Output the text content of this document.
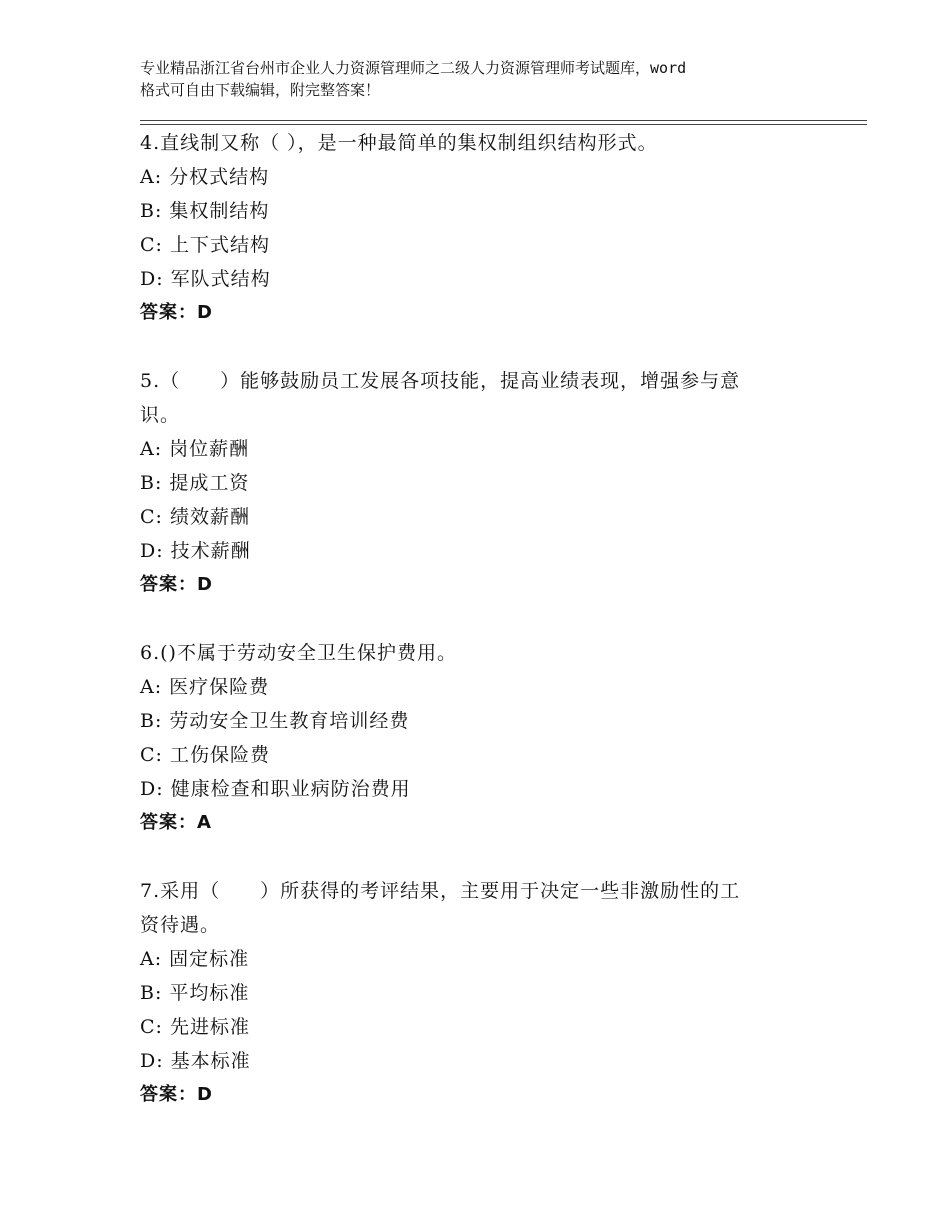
专业精品浙江省台州市企业人力资源管理师之二级人力资源管理师考试题库，word
格式可自由下载编辑，附完整答案！
4.直线制又称（ ），是一种最简单的集权制组织结构形式。
A: 分权式结构
B: 集权制结构
C: 上下式结构
D: 军队式结构
答案：D
5.（　　）能够鼓励员工发展各项技能，提高业绩表现，增强参与意
识。
A: 岗位薪酬
B: 提成工资
C: 绩效薪酬
D: 技术薪酬
答案：D
6.()不属于劳动安全卫生保护费用。
A: 医疗保险费
B: 劳动安全卫生教育培训经费
C: 工伤保险费
D: 健康检查和职业病防治费用
答案：A
7.采用（　　）所获得的考评结果，主要用于决定一些非激励性的工
资待遇。
A: 固定标准
B: 平均标准
C: 先进标准
D: 基本标准
答案：D
